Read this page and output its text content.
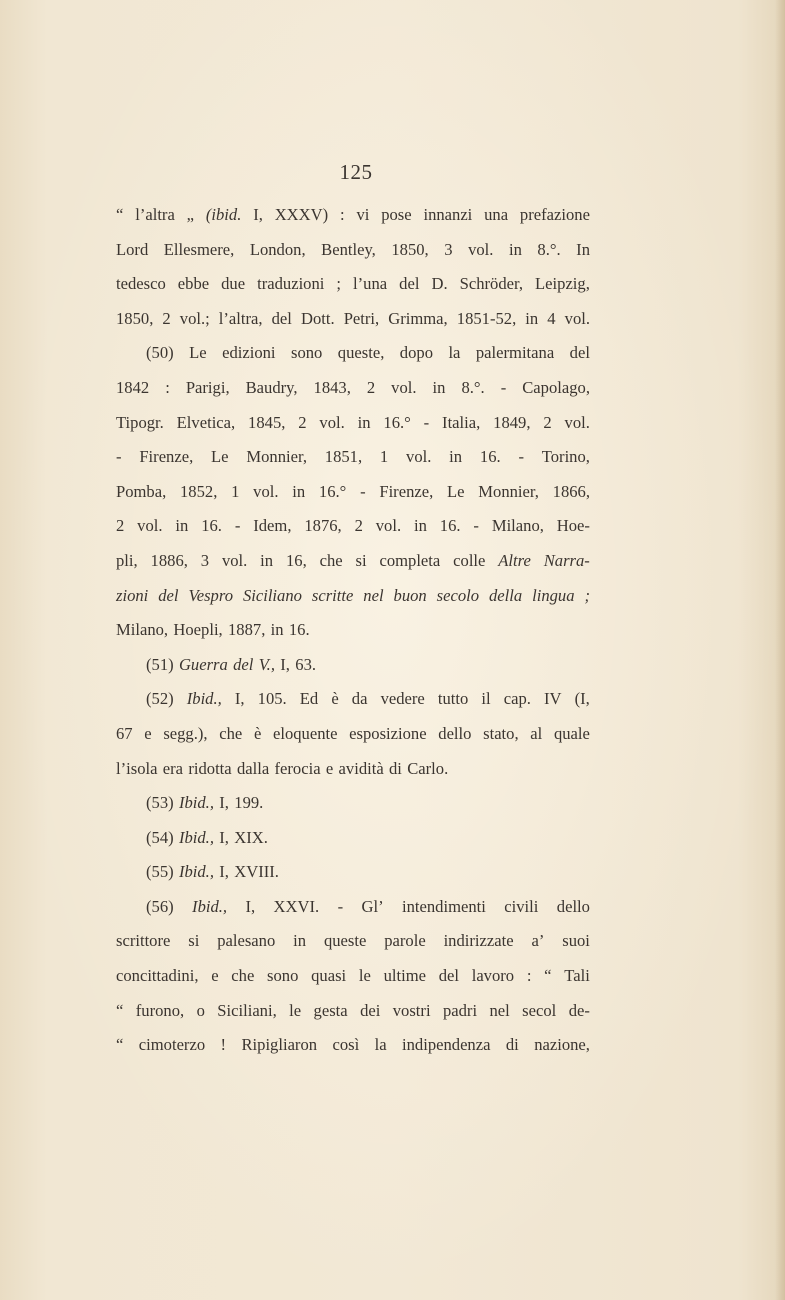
125
“ l’altra „ (ibid. I, XXXV) : vi pose innanzi una prefazione
Lord Ellesmere, London, Bentley, 1850, 3 vol. in 8.°. In
tedesco ebbe due traduzioni ; l’una del D. Schröder, Leipzig,
1850, 2 vol.; l’altra, del Dott. Petri, Grimma, 1851-52, in 4 vol.
(50) Le edizioni sono queste, dopo la palermitana del
1842 : Parigi, Baudry, 1843, 2 vol. in 8.°. - Capolago,
Tipogr. Elvetica, 1845, 2 vol. in 16.° - Italia, 1849, 2 vol.
- Firenze, Le Monnier, 1851, 1 vol. in 16. - Torino,
Pomba, 1852, 1 vol. in 16.° - Firenze, Le Monnier, 1866,
2 vol. in 16. - Idem, 1876, 2 vol. in 16. - Milano, Hoe-
pli, 1886, 3 vol. in 16, che si completa colle Altre Narra-
zioni del Vespro Siciliano scritte nel buon secolo della lingua ;
Milano, Hoepli, 1887, in 16.
(51) Guerra del V., I, 63.
(52) Ibid., I, 105. Ed è da vedere tutto il cap. IV (I,
67 e segg.), che è eloquente esposizione dello stato, al quale
l’isola era ridotta dalla ferocia e avidità di Carlo.
(53) Ibid., I, 199.
(54) Ibid., I, XIX.
(55) Ibid., I, XVIII.
(56) Ibid., I, XXVI. - Gl’ intendimenti civili dello
scrittore si palesano in queste parole indirizzate a’ suoi
concittadini, e che sono quasi le ultime del lavoro : “ Tali
“ furono, o Siciliani, le gesta dei vostri padri nel secol de-
“ cimoterzo ! Ripigliaron così la indipendenza di nazione,
